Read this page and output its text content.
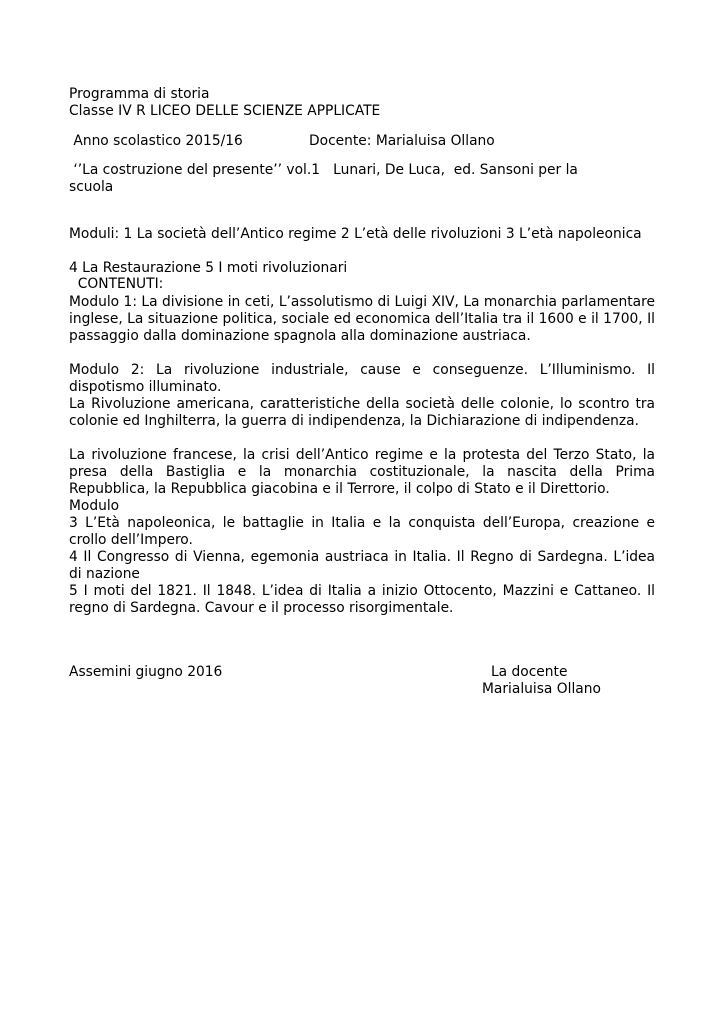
Programma di storia
Classe IV R LICEO DELLE SCIENZE APPLICATE
Anno scolastico 2015/16	Docente: Marialuisa Ollano
‘’La costruzione del presente’’ vol.1   Lunari, De Luca,  ed. Sansoni per la
scuola
Moduli: 1 La società dell’Antico regime 2 L’età delle rivoluzioni 3 L’età napoleonica
4 La Restaurazione 5 I moti rivoluzionari
CONTENUTI:
Modulo 1: La divisione in ceti, L’assolutismo di Luigi XIV, La monarchia parlamentare inglese, La situazione politica, sociale ed economica dell’Italia tra il 1600 e il 1700, Il passaggio dalla dominazione spagnola alla dominazione austriaca.
Modulo 2: La rivoluzione industriale, cause e conseguenze. L’Illuminismo. Il dispotismo illuminato.
La Rivoluzione americana, caratteristiche della società delle colonie, lo scontro tra colonie ed Inghilterra, la guerra di indipendenza, la Dichiarazione di indipendenza.
La rivoluzione francese, la crisi dell’Antico regime e la protesta del Terzo Stato, la presa della Bastiglia e la monarchia costituzionale, la nascita della Prima Repubblica, la Repubblica giacobina e il Terrore, il colpo di Stato e il Direttorio.
Modulo
3 L’Età napoleonica, le battaglie in Italia e la conquista dell’Europa, creazione e crollo dell’Impero.
4 Il Congresso di Vienna, egemonia austriaca in Italia. Il Regno di Sardegna. L’idea di nazione
5 I moti del 1821. Il 1848. L’idea di Italia a inizio Ottocento, Mazzini e Cattaneo. Il regno di Sardegna. Cavour e il processo risorgimentale.
Assemini giugno 2016	La docente
Marialuisa Ollano
